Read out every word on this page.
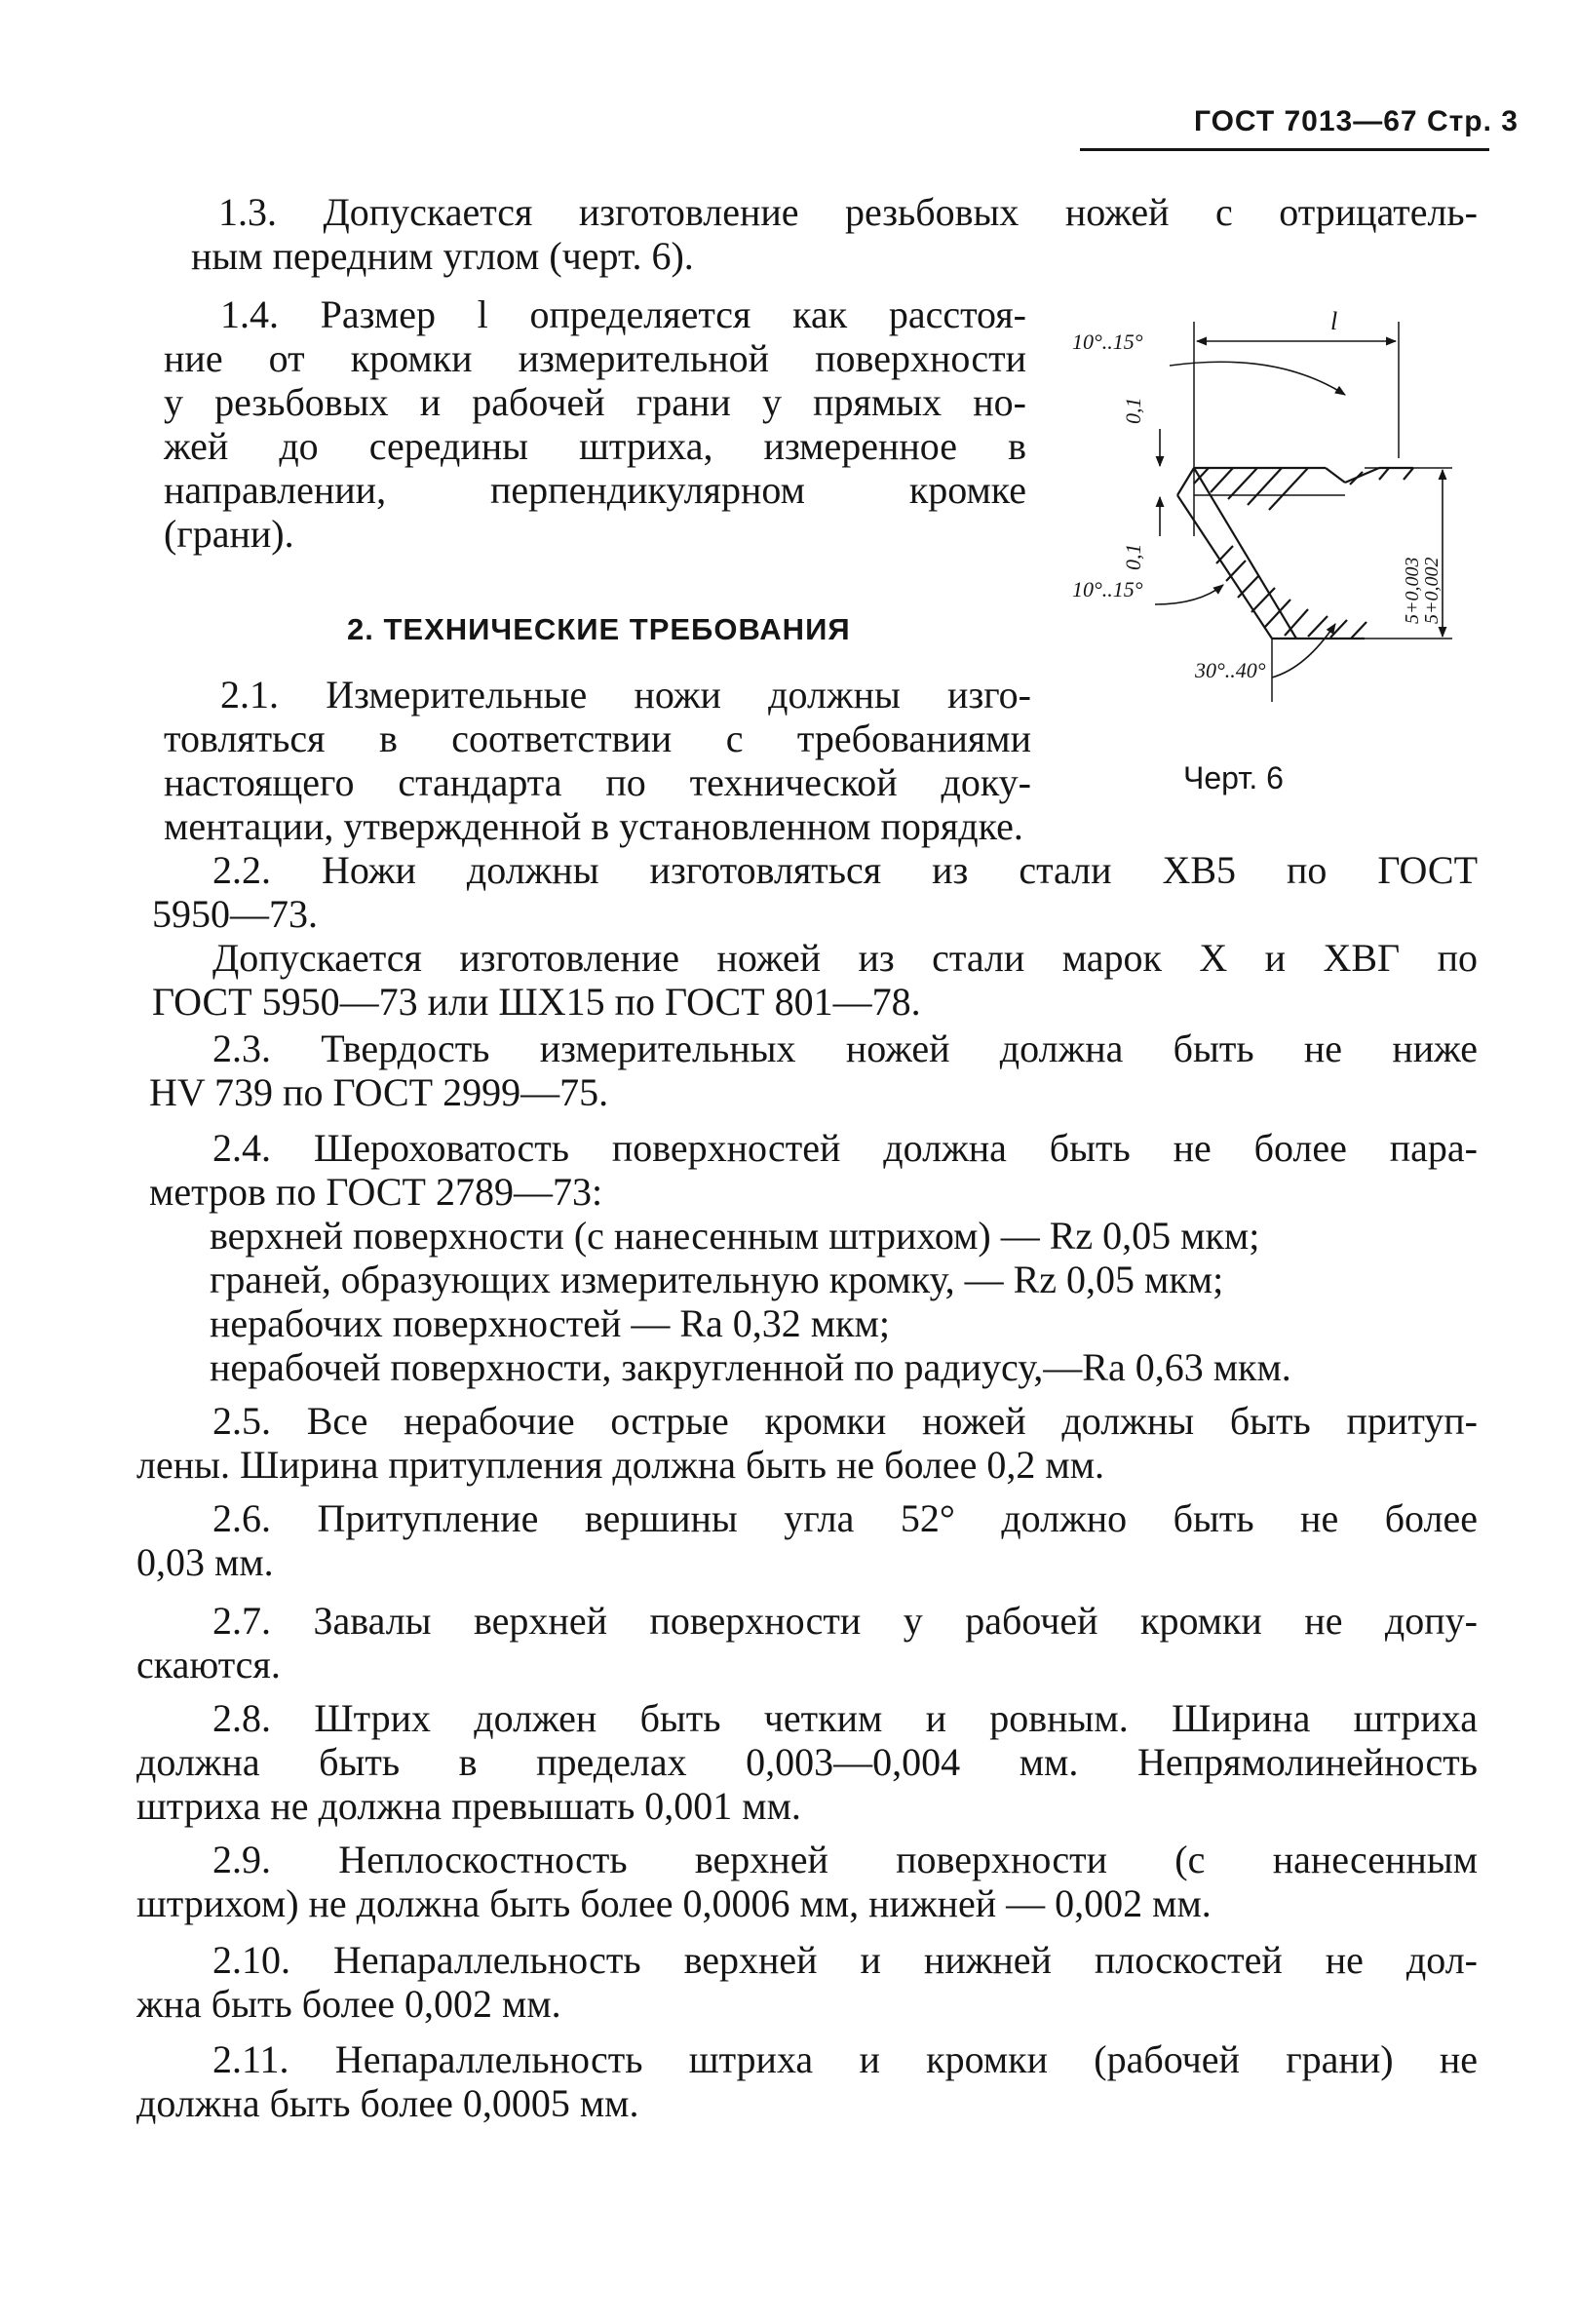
ГОСТ 7013—67 Стр. 3
1.3. Допускается изготовление резьбовых ножей с отрицатель-
ным передним углом (черт. 6).
1.4. Размер l определяется как расстоя-
ние от кромки измерительной поверхности
у резьбовых и рабочей грани у прямых но-
жей до середины штриха, измеренное в
направлении, перпендикулярном кромке
(грани).
2. ТЕХНИЧЕСКИЕ ТРЕБОВАНИЯ
l
10°..15°
10°..15°
0,1
0,1
30°..40°
5+0,003
5+0,002
Черт. 6
2.1. Измерительные ножи должны изго-
товляться в соответствии с требованиями
настоящего стандарта по технической доку-
ментации, утвержденной в установленном порядке.
2.2. Ножи должны изготовляться из стали ХВ5 по ГОСТ
5950—73.
Допускается изготовление ножей из стали марок Х и ХВГ по
ГОСТ 5950—73 или ШХ15 по ГОСТ 801—78.
2.3. Твердость измерительных ножей должна быть не ниже
HV 739 по ГОСТ 2999—75.
2.4. Шероховатость поверхностей должна быть не более пара-
метров по ГОСТ 2789—73:
верхней поверхности (с нанесенным штрихом) — Rz 0,05 мкм;
граней, образующих измерительную кромку, — Rz 0,05 мкм;
нерабочих поверхностей — Ra 0,32 мкм;
нерабочей поверхности, закругленной по радиусу,—Ra 0,63 мкм.
2.5. Все нерабочие острые кромки ножей должны быть притуп-
лены. Ширина притупления должна быть не более 0,2 мм.
2.6. Притупление вершины угла 52° должно быть не более
0,03 мм.
2.7. Завалы верхней поверхности у рабочей кромки не допу-
скаются.
2.8. Штрих должен быть четким и ровным. Ширина штриха
должна быть в пределах 0,003—0,004 мм. Непрямолинейность
штриха не должна превышать 0,001 мм.
2.9. Неплоскостность верхней поверхности (с нанесенным
штрихом) не должна быть более 0,0006 мм, нижней — 0,002 мм.
2.10. Непараллельность верхней и нижней плоскостей не дол-
жна быть более 0,002 мм.
2.11. Непараллельность штриха и кромки (рабочей грани) не
должна быть более 0,0005 мм.
